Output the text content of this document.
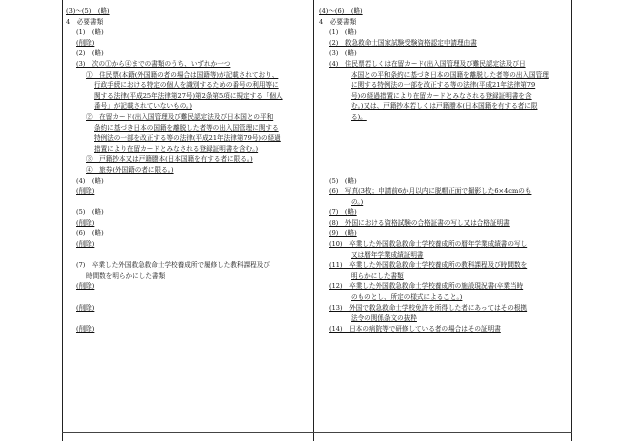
(3)～(5)　(略)
4　必要書類
(1)　(略)
(削除)
(2)　(略)
(3)　次の①から④までの書類のうち、いずれか一つ
①　住民票(本籍(外国籍の者の場合は国籍等)が記載されており、
行政手続における特定の個人を識別するための番号の利用等に
関する法律(平成25年法律第27号)第2条第5項に規定する「個人
番号」が記載されていないもの。)
②　在留カード(出入国管理及び難民認定法及び日本国との平和
条約に基づき日本の国籍を離脱した者等の出入国管理に関する
特例法の一部を改正する等の法律(平成21年法律第79号)の経過
措置により在留カードとみなされる登録証明書を含む。)
③　戸籍抄本又は戸籍謄本(日本国籍を有する者に限る。)
④　旅券(外国籍の者に限る。)
(4)　(略)
(削除)
(5)　(略)
(削除)
(6)　(略)
(削除)
(7)　卒業した外国救急救命士学校養成所で履修した教科課程及び
時間数を明らかにした書類
(削除)
(削除)
(削除)
(4)～(6)　(略)
4　必要書類
(1)　(略)
(2)　救急救命士国家試験受験資格認定申請理由書
(3)　(略)
(4)　住民票若しくは在留カード(出入国管理及び難民認定法及び日
本国との平和条約に基づき日本の国籍を離脱した者等の出入国管理
に関する特例法の一部を改正する等の法律(平成21年法律第79
号)の経過措置により在留カードとみなされる登録証明書を含
む。)又は、戸籍抄本若しくは戸籍謄本(日本国籍を有する者に限
る)。
(5)　(略)
(6)　写真(3枚；申請前6か月以内に脱帽正面で撮影した6×4cmのも
の。)
(7)　(略)
(8)　外国における資格試験の合格証書の写し又は合格証明書
(9)　(略)
(10)　卒業した外国救急救命士学校養成所の暦年学業成績書の写し
又は暦年学業成績証明書
(11)　卒業した外国救急救命士学校養成所の教科課程及び時間数を
明らかにした書類
(12)　卒業した外国救急救命士学校養成所の施設現況書(卒業当時
のものとし、所定の様式によること。)
(13)　外国で救急救命士学校免許を所得した者にあってはその根拠
法令の関係条文の抜粋
(14)　日本の病院等で研修している者の場合はその証明書
